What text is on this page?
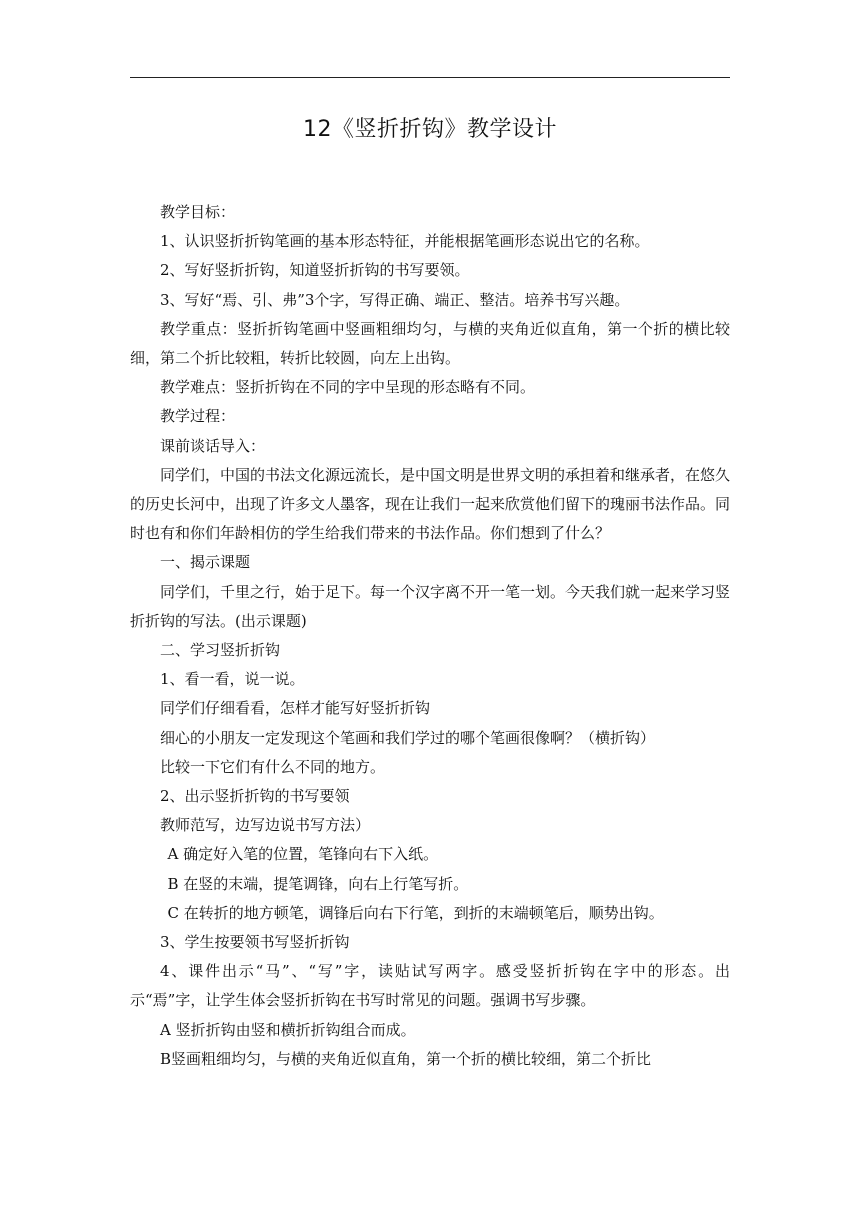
12《竖折折钩》教学设计

教学目标：

1、认识竖折折钩笔画的基本形态特征，并能根据笔画形态说出它的名称。

2、写好竖折折钩，知道竖折折钩的书写要领。

3、写好“焉、引、弗”3个字，写得正确、端正、整洁。培养书写兴趣。

教学重点：竖折折钩笔画中竖画粗细均匀，与横的夹角近似直角，第一个折的横比较细，第二个折比较粗，转折比较圆，向左上出钩。

教学难点：竖折折钩在不同的字中呈现的形态略有不同。

教学过程：

课前谈话导入：

同学们，中国的书法文化源远流长，是中国文明是世界文明的承担着和继承者，在悠久的历史长河中，出现了许多文人墨客，现在让我们一起来欣赏他们留下的瑰丽书法作品。同时也有和你们年龄相仿的学生给我们带来的书法作品。你们想到了什么？

一、揭示课题

同学们，千里之行，始于足下。每一个汉字离不开一笔一划。今天我们就一起来学习竖折折钩的写法。(出示课题)

二、学习竖折折钩

1、看一看，说一说。

同学们仔细看看，怎样才能写好竖折折钩

细心的小朋友一定发现这个笔画和我们学过的哪个笔画很像啊？（横折钩）

比较一下它们有什么不同的地方。

2、出示竖折折钩的书写要领

教师范写，边写边说书写方法）

A 确定好入笔的位置，笔锋向右下入纸。

B 在竖的末端，提笔调锋，向右上行笔写折。

C 在转折的地方顿笔，调锋后向右下行笔，到折的末端顿笔后，顺势出钩。

3、学生按要领书写竖折折钩

4、课件出示“马”、“写”字，读贴试写两字。感受竖折折钩在字中的形态。出示“焉”字，让学生体会竖折折钩在书写时常见的问题。强调书写步骤。

A 竖折折钩由竖和横折折钩组合而成。

B竖画粗细均匀，与横的夹角近似直角，第一个折的横比较细，第二个折比
